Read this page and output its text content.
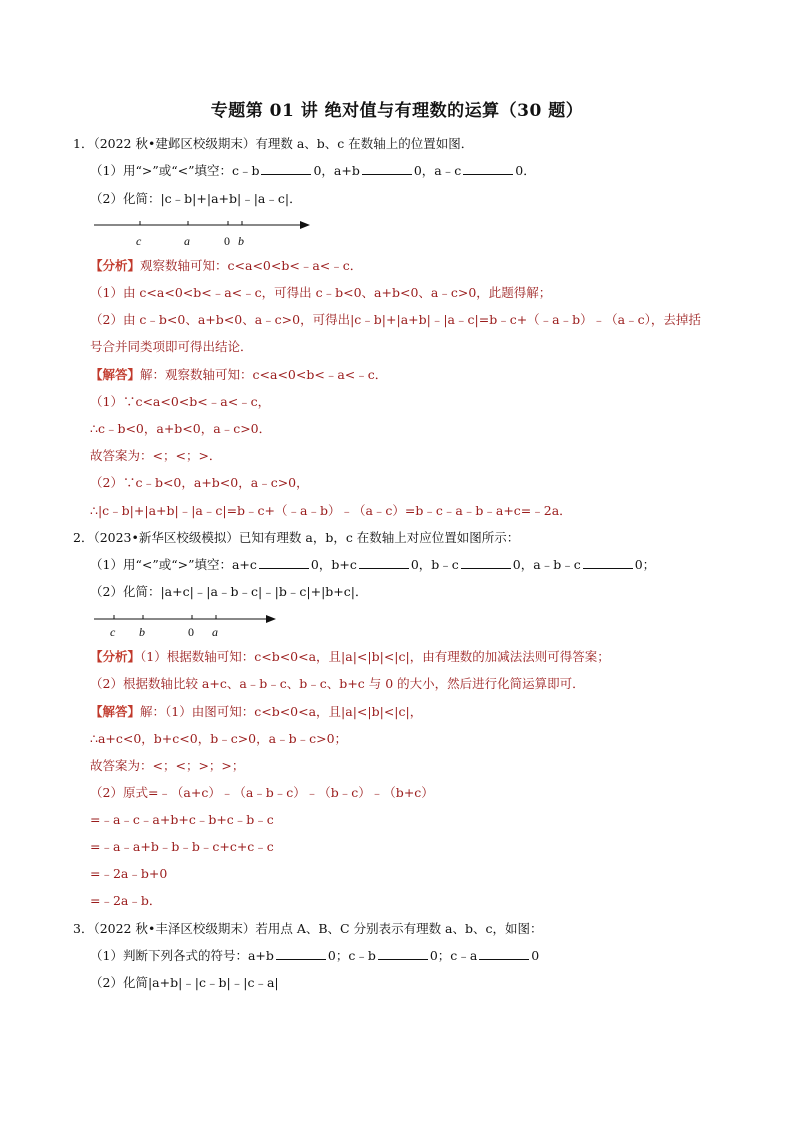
专题第 01 讲 绝对值与有理数的运算（30 题）
1．（2022 秋•建邺区校级期末）有理数 a、b、c 在数轴上的位置如图．
（1）用“>”或“<”填空：c﹣b	0，a+b	0，a﹣c	0．
（2）化简：|c﹣b|+|a+b|﹣|a﹣c|．
c	a	0 b
【分析】观察数轴可知：c<a<0<b<﹣a<﹣c．
（1）由 c<a<0<b<﹣a<﹣c，可得出 c﹣b<0、a+b<0、a﹣c>0，此题得解；
（2）由 c﹣b<0、a+b<0、a﹣c>0，可得出|c﹣b|+|a+b|﹣|a﹣c|=b﹣c+（﹣a﹣b）﹣（a﹣c），去掉括
号合并同类项即可得出结论．
【解答】解：观察数轴可知：c<a<0<b<﹣a<﹣c．
（1）∵c<a<0<b<﹣a<﹣c，
∴c﹣b<0，a+b<0，a﹣c>0．
故答案为：<；<；>．
（2）∵c﹣b<0，a+b<0，a﹣c>0，
∴|c﹣b|+|a+b|﹣|a﹣c|=b﹣c+（﹣a﹣b）﹣（a﹣c）=b﹣c﹣a﹣b﹣a+c=﹣2a．
2．（2023•新华区校级模拟）已知有理数 a，b，c 在数轴上对应位置如图所示：
（1）用“<”或“>”填空：a+c	0，b+c	0，b﹣c	0，a﹣b﹣c	0；
（2）化简：|a+c|﹣|a﹣b﹣c|﹣|b﹣c|+|b+c|．
c b	0 a
【分析】（1）根据数轴可知：c<b<0<a，且|a|<|b|<|c|，由有理数的加减法法则可得答案；
（2）根据数轴比较 a+c、a﹣b﹣c、b﹣c、b+c 与 0 的大小，然后进行化简运算即可．
【解答】解：（1）由图可知：c<b<0<a，且|a|<|b|<|c|，
∴a+c<0，b+c<0，b﹣c>0，a﹣b﹣c>0；
故答案为：<；<；>；>；
（2）原式=﹣（a+c）﹣（a﹣b﹣c）﹣（b﹣c）﹣（b+c）
=﹣a﹣c﹣a+b+c﹣b+c﹣b﹣c
=﹣a﹣a+b﹣b﹣b﹣c+c+c﹣c
=﹣2a﹣b+0
=﹣2a﹣b．
3．（2022 秋•丰泽区校级期末）若用点 A、B、C 分别表示有理数 a、b、c，如图：
（1）判断下列各式的符号：a+b	0；c﹣b	0；c﹣a	0
（2）化简|a+b|﹣|c﹣b|﹣|c﹣a|
